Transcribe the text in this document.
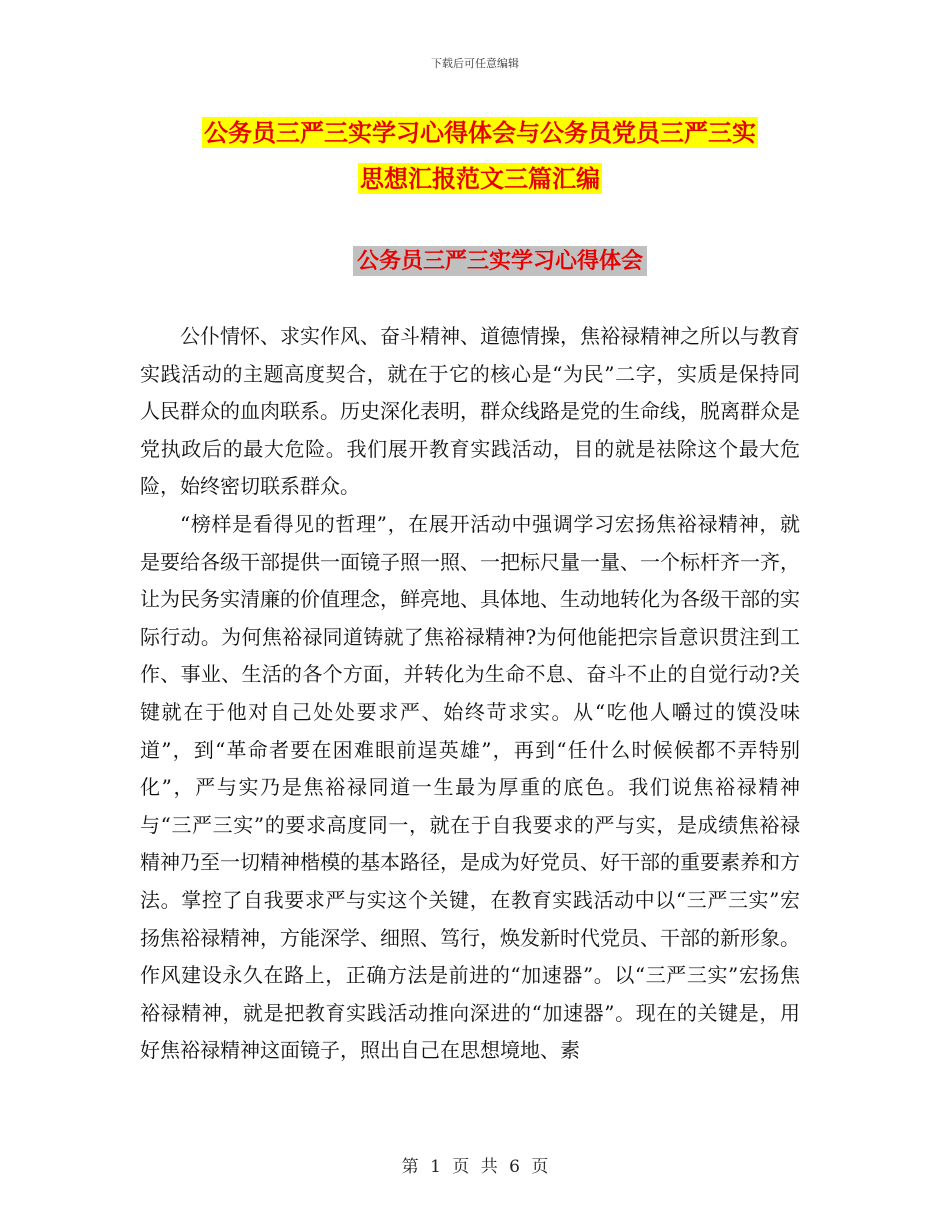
下载后可任意编辑
公务员三严三实学习心得体会与公务员党员三严三实
思想汇报范文三篇汇编
公务员三严三实学习心得体会

公仆情怀、求实作风、奋斗精神、道德情操，焦裕禄精神之所以与教育实践活动的主题高度契合，就在于它的核心是“为民”二字，实质是保持同人民群众的血肉联系。历史深化表明，群众线路是党的生命线，脱离群众是党执政后的最大危险。我们展开教育实践活动，目的就是祛除这个最大危险，始终密切联系群众。

“榜样是看得见的哲理”，在展开活动中强调学习宏扬焦裕禄精神，就是要给各级干部提供一面镜子照一照、一把标尺量一量、一个标杆齐一齐，让为民务实清廉的价值理念，鲜亮地、具体地、生动地转化为各级干部的实际行动。为何焦裕禄同道铸就了焦裕禄精神?为何他能把宗旨意识贯注到工作、事业、生活的各个方面，并转化为生命不息、奋斗不止的自觉行动?关键就在于他对自己处处要求严、始终苛求实。从“吃他人嚼过的馍没味道”，到“革命者要在困难眼前逞英雄”，再到“任什么时候候都不弄特别化”，严与实乃是焦裕禄同道一生最为厚重的底色。我们说焦裕禄精神与“三严三实”的要求高度同一，就在于自我要求的严与实，是成绩焦裕禄精神乃至一切精神楷模的基本路径，是成为好党员、好干部的重要素养和方法。掌控了自我要求严与实这个关键，在教育实践活动中以“三严三实”宏扬焦裕禄精神，方能深学、细照、笃行，焕发新时代党员、干部的新形象。作风建设永久在路上，正确方法是前进的“加速器”。以“三严三实”宏扬焦裕禄精神，就是把教育实践活动推向深进的“加速器”。现在的关键是，用好焦裕禄精神这面镜子，照出自己在思想境地、素

第 1 页 共 6 页
